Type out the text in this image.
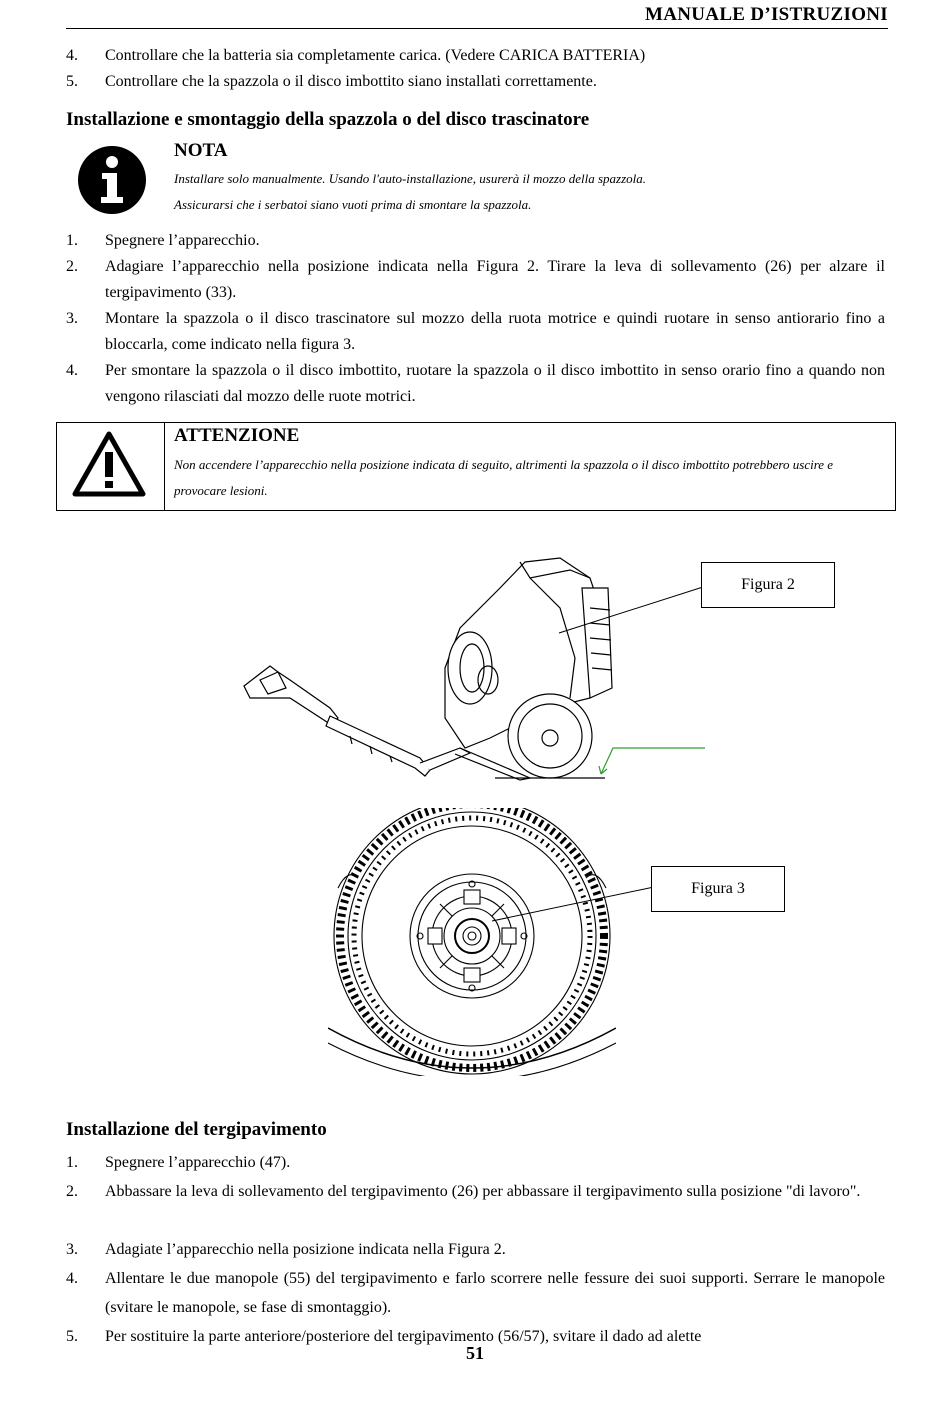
MANUALE D’ISTRUZIONI
4. Controllare che la batteria sia completamente carica. (Vedere CARICA BATTERIA)
5. Controllare che la spazzola o il disco imbottito siano installati correttamente.
Installazione e smontaggio della spazzola o del disco trascinatore
NOTA
Installare solo manualmente. Usando l'auto-installazione, usurerà il mozzo della spazzola.
Assicurarsi che i serbatoi siano vuoti prima di smontare la spazzola.
1. Spegnere l’apparecchio.
2. Adagiare l’apparecchio nella posizione indicata nella Figura 2. Tirare la leva di sollevamento (26) per alzare il tergipavimento (33).
3. Montare la spazzola o il disco trascinatore sul mozzo della ruota motrice e quindi ruotare in senso antiorario fino a bloccarla, come indicato nella figura 3.
4. Per smontare la spazzola o il disco imbottito, ruotare la spazzola o il disco imbottito in senso orario fino a quando non vengono rilasciati dal mozzo delle ruote motrici.
ATTENZIONE
Non accendere l’apparecchio nella posizione indicata di seguito, altrimenti la spazzola o il disco imbottito potrebbero uscire e provocare lesioni.
Figura 2
Figura 3
Installazione del tergipavimento
1. Spegnere l’apparecchio (47).
2. Abbassare la leva di sollevamento del tergipavimento (26) per abbassare il tergipavimento sulla posizione "di lavoro".
3. Adagiate l’apparecchio nella posizione indicata nella Figura 2.
4. Allentare le due manopole (55) del tergipavimento e farlo scorrere nelle fessure dei suoi supporti. Serrare le manopole (svitare le manopole, se fase di smontaggio).
5. Per sostituire la parte anteriore/posteriore del tergipavimento (56/57), svitare il dado ad alette
51
